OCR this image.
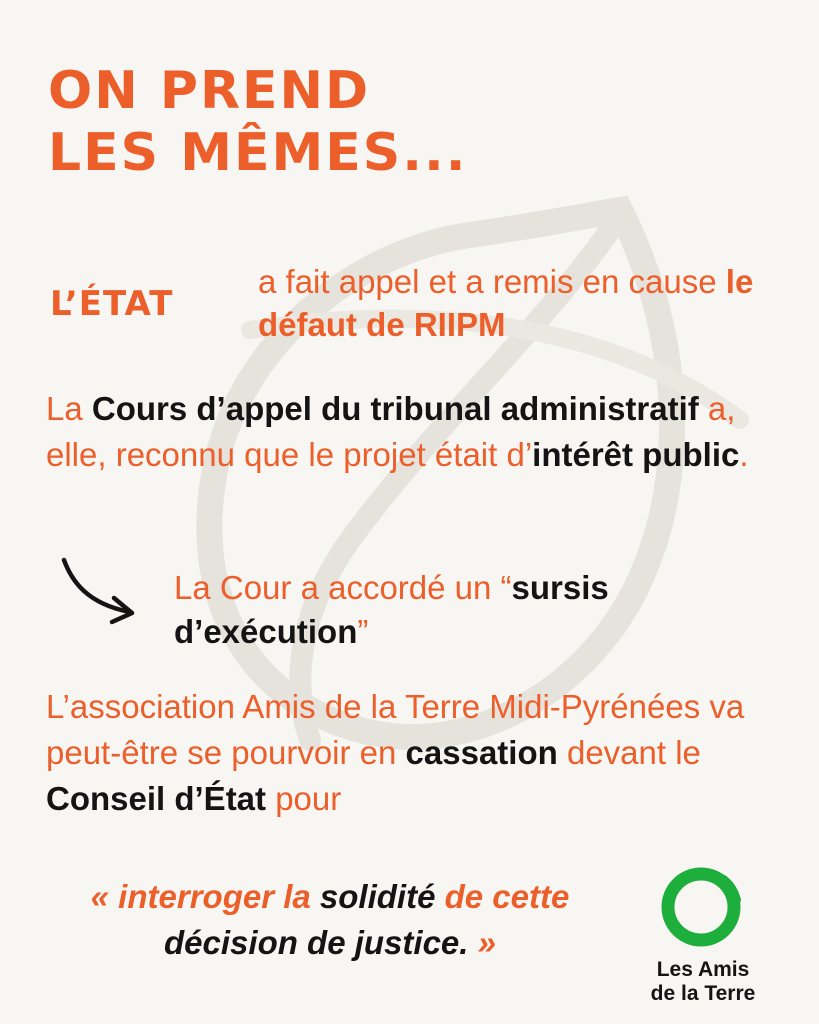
ON PREND
LES MÊMES...
L’ÉTAT
a fait appel et a remis en cause le défaut de RIIPM
La Cours d’appel du tribunal administratif a, elle, reconnu que le projet était d’intérêt public.
La Cour a accordé un “sursis d’exécution”
L’association Amis de la Terre Midi-Pyrénées va peut-être se pourvoir en cassation devant le Conseil d’État pour
« interroger la solidité de cette
décision de justice. »
Les Amis
de la Terre
